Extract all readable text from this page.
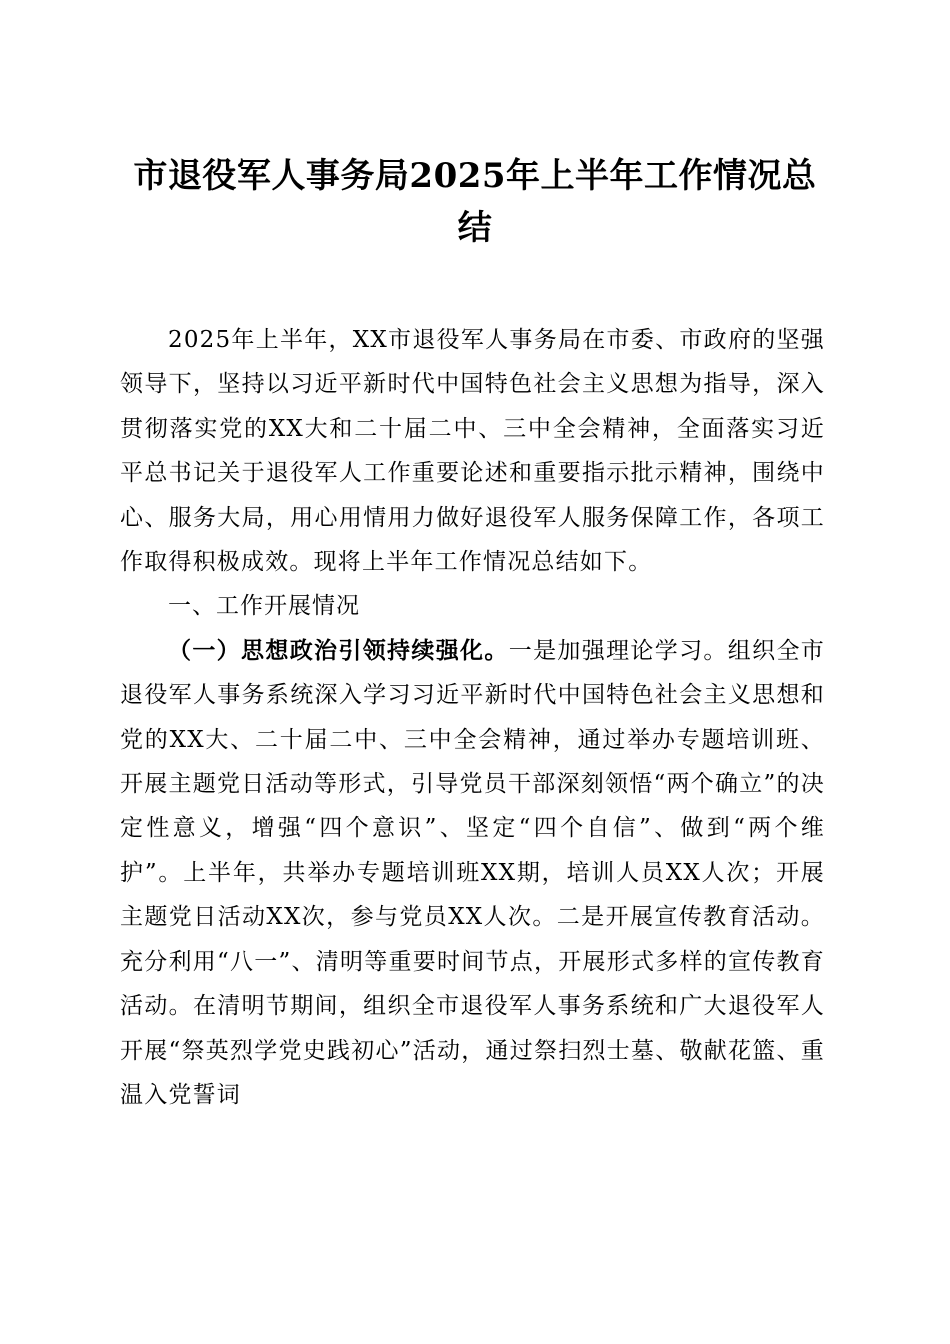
市退役军人事务局2025年上半年工作情况总结

2025年上半年，XX市退役军人事务局在市委、市政府的坚强领导下，坚持以习近平新时代中国特色社会主义思想为指导，深入贯彻落实党的XX大和二十届二中、三中全会精神，全面落实习近平总书记关于退役军人工作重要论述和重要指示批示精神，围绕中心、服务大局，用心用情用力做好退役军人服务保障工作，各项工作取得积极成效。现将上半年工作情况总结如下。

一、工作开展情况

（一）思想政治引领持续强化。一是加强理论学习。组织全市退役军人事务系统深入学习习近平新时代中国特色社会主义思想和党的XX大、二十届二中、三中全会精神，通过举办专题培训班、开展主题党日活动等形式，引导党员干部深刻领悟“两个确立”的决定性意义，增强“四个意识”、坚定“四个自信”、做到“两个维护”。上半年，共举办专题培训班XX期，培训人员XX人次；开展主题党日活动XX次，参与党员XX人次。二是开展宣传教育活动。充分利用“八一”、清明等重要时间节点，开展形式多样的宣传教育活动。在清明节期间，组织全市退役军人事务系统和广大退役军人开展“祭英烈学党史践初心”活动，通过祭扫烈士墓、敬献花篮、重温入党誓词
